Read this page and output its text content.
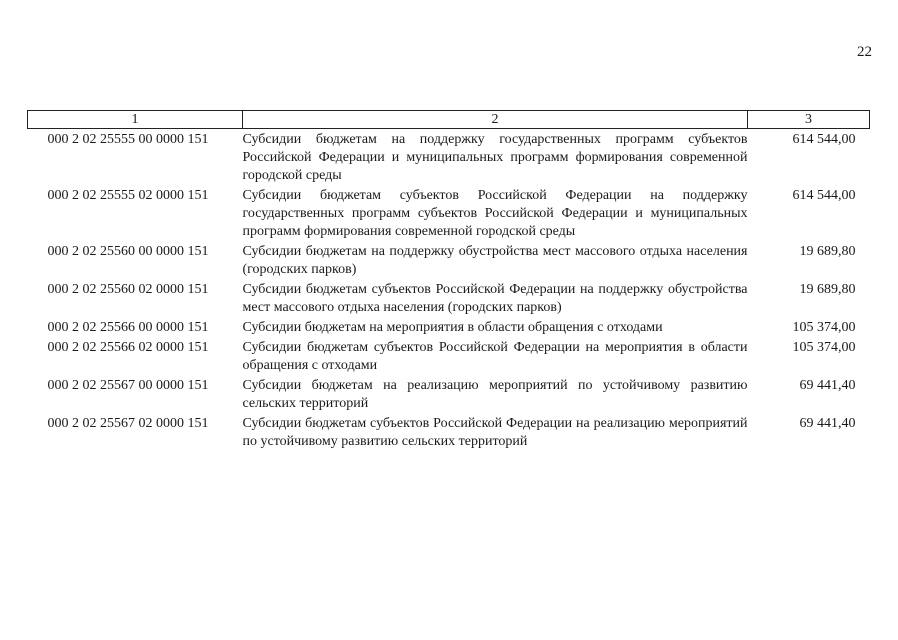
22
1	2	3
000 2 02 25555 00 0000 151	Субсидии бюджетам на поддержку государственных программ субъектов Российской Федерации и муниципальных программ формирования современной городской среды	614 544,00
000 2 02 25555 02 0000 151	Субсидии бюджетам субъектов Российской Федерации на поддержку государственных программ субъектов Российской Федерации и муниципальных программ формирования современной городской среды	614 544,00
000 2 02 25560 00 0000 151	Субсидии бюджетам на поддержку обустройства мест массового отдыха населения (городских парков)	19 689,80
000 2 02 25560 02 0000 151	Субсидии бюджетам субъектов Российской Федерации на поддержку обустройства мест массового отдыха населения (городских парков)	19 689,80
000 2 02 25566 00 0000 151	Субсидии бюджетам на мероприятия в области обращения с отходами	105 374,00
000 2 02 25566 02 0000 151	Субсидии бюджетам субъектов Российской Федерации на мероприятия в области обращения с отходами	105 374,00
000 2 02 25567 00 0000 151	Субсидии бюджетам на реализацию мероприятий по устойчивому развитию сельских территорий	69 441,40
000 2 02 25567 02 0000 151	Субсидии бюджетам субъектов Российской Федерации на реализацию мероприятий по устойчивому развитию сельских территорий	69 441,40
